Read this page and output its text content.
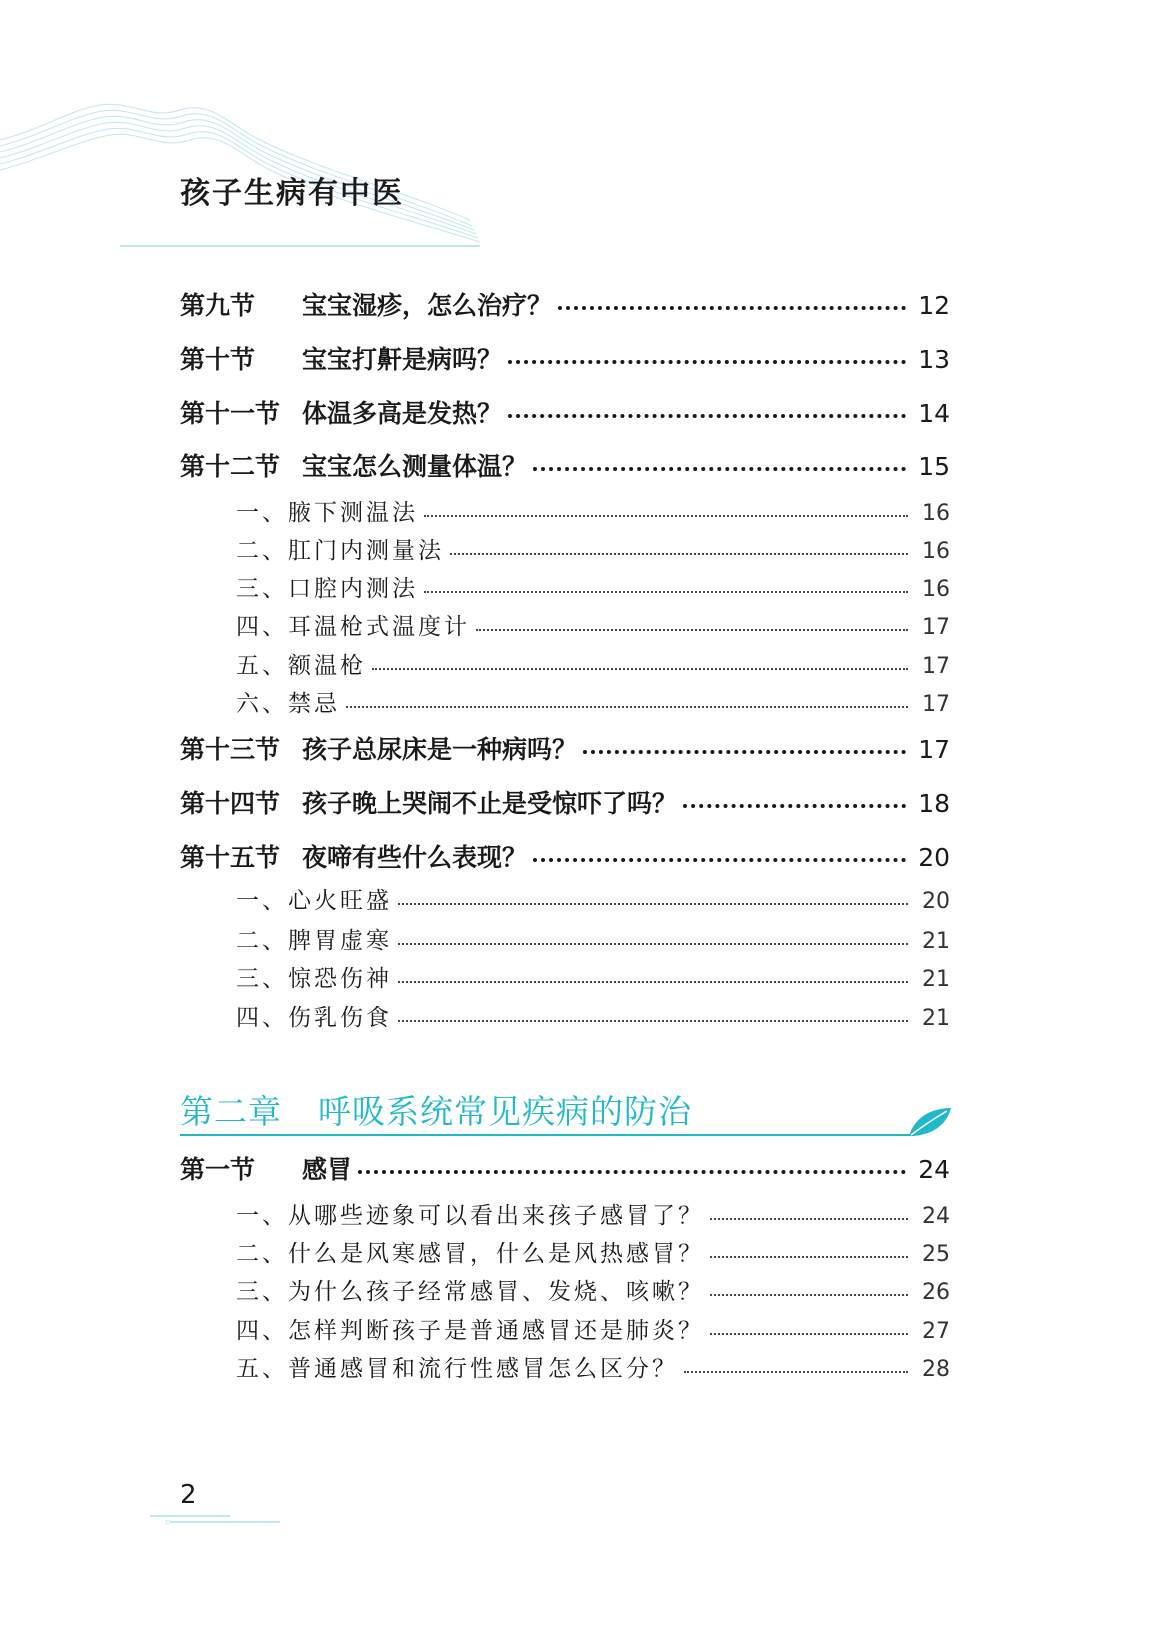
孩子生病有中医
第九节	宝宝湿疹，怎么治疗？	12
第十节	宝宝打鼾是病吗？	13
第十一节 体温多高是发热？	14
第十二节 宝宝怎么测量体温？	15
一、腋下测温法	16
二、肛门内测量法	16
三、口腔内测法	16
四、耳温枪式温度计	17
五、额温枪	17
六、禁忌	17
第十三节 孩子总尿床是一种病吗？	17
第十四节 孩子晚上哭闹不止是受惊吓了吗？	18
第十五节 夜啼有些什么表现？	20
一、心火旺盛	20
二、脾胃虚寒	21
三、惊恐伤神	21
四、伤乳伤食	21
第一节	感冒	24
一、从哪些迹象可以看出来孩子感冒了？	24
二、什么是风寒感冒，什么是风热感冒？	25
三、为什么孩子经常感冒、发烧、咳嗽？	26
四、怎样判断孩子是普通感冒还是肺炎？	27
五、普通感冒和流行性感冒怎么区分？	28
第二章 呼吸系统常见疾病的防治
2
